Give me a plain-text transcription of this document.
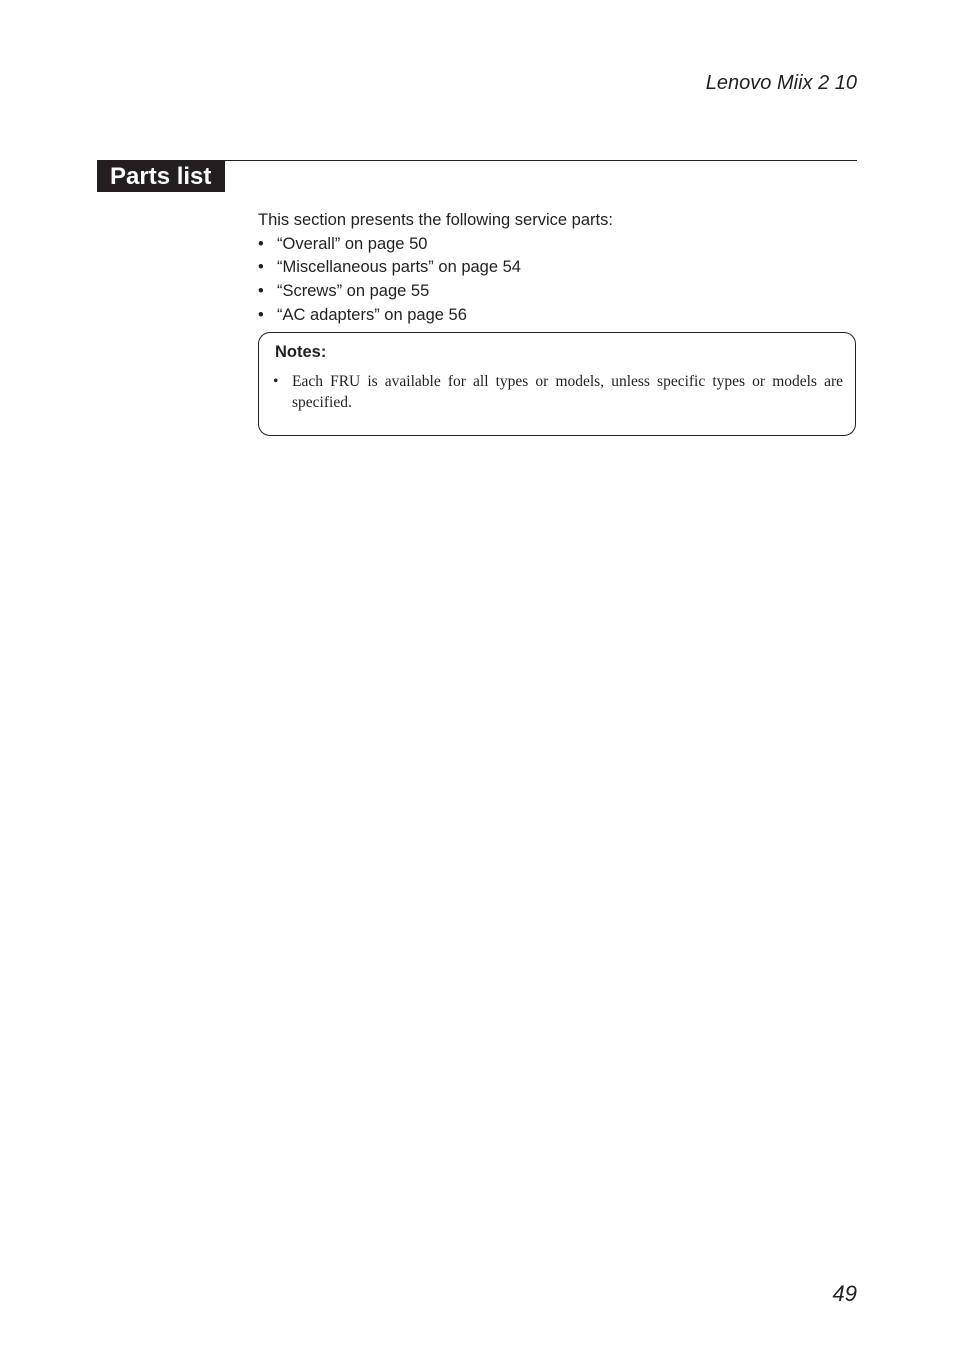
Lenovo Miix 2 10
Parts list

This section presents the following service parts:

• “Overall” on page 50
• “Miscellaneous parts” on page 54
• “Screws” on page 55
• “AC adapters” on page 56
Notes:
• Each FRU is available for all types or models, unless specific types or models are specified.
49
